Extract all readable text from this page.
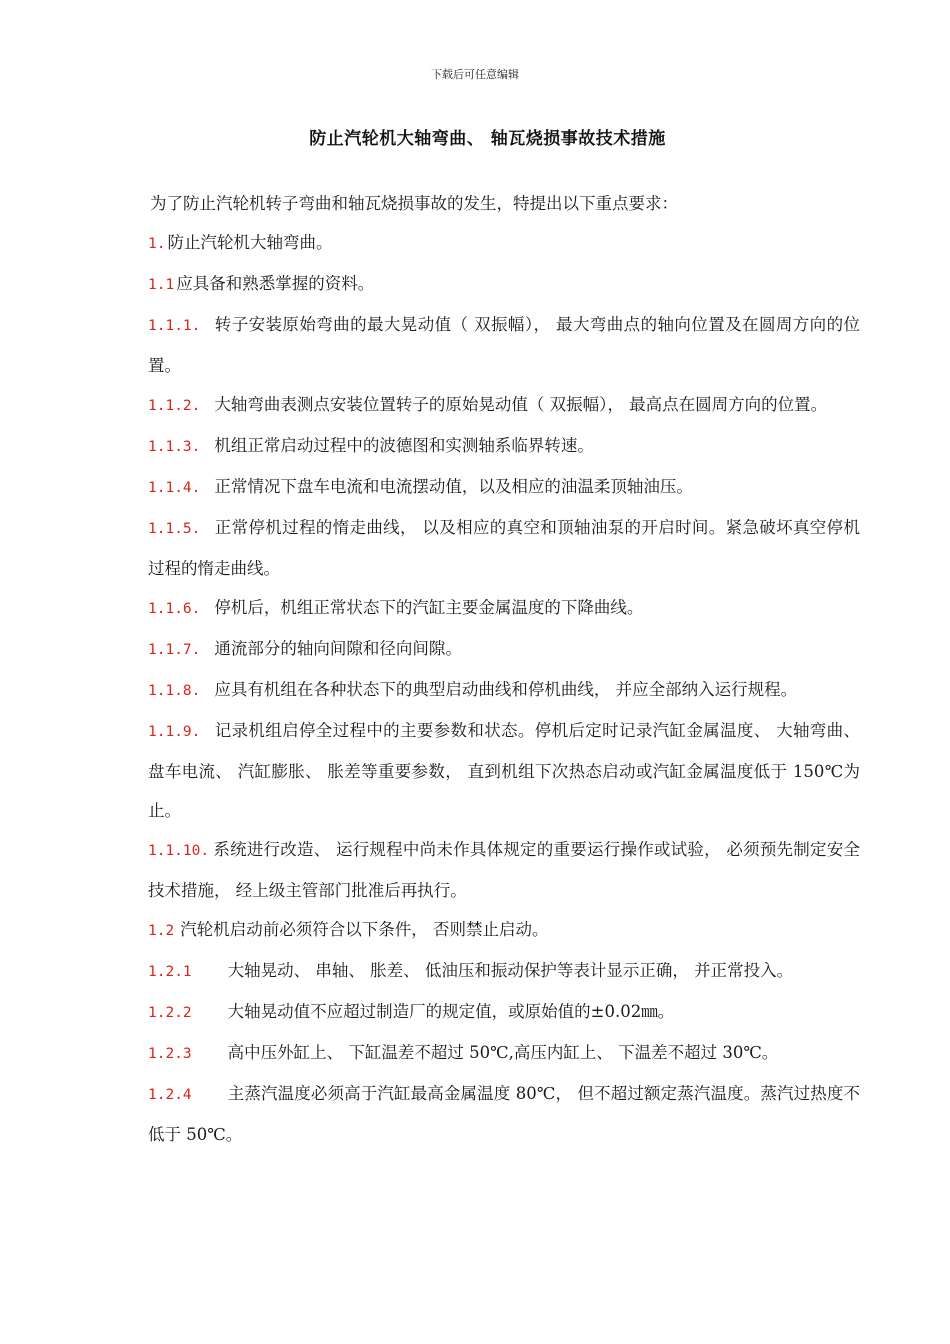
下载后可任意编辑
防止汽轮机大轴弯曲、 轴瓦烧损事故技术措施

为了防止汽轮机转子弯曲和轴瓦烧损事故的发生，特提出以下重点要求：

1. 防止汽轮机大轴弯曲。

1.1 应具备和熟悉掌握的资料。

1.1.1. 转子安装原始弯曲的最大晃动值（ 双振幅）， 最大弯曲点的轴向位置及在圆周方向的位置。

1.1.2. 大轴弯曲表测点安装位置转子的原始晃动值（ 双振幅）， 最高点在圆周方向的位置。

1.1.3. 机组正常启动过程中的波德图和实测轴系临界转速。

1.1.4. 正常情况下盘车电流和电流摆动值，以及相应的油温柔顶轴油压。

1.1.5. 正常停机过程的惰走曲线， 以及相应的真空和顶轴油泵的开启时间。紧急破坏真空停机过程的惰走曲线。

1.1.6. 停机后，机组正常状态下的汽缸主要金属温度的下降曲线。

1.1.7. 通流部分的轴向间隙和径向间隙。

1.1.8. 应具有机组在各种状态下的典型启动曲线和停机曲线， 并应全部纳入运行规程。

1.1.9. 记录机组启停全过程中的主要参数和状态。停机后定时记录汽缸金属温度、 大轴弯曲、 盘车电流、 汽缸膨胀、 胀差等重要参数， 直到机组下次热态启动或汽缸金属温度低于 150℃为止。

1.1.10. 系统进行改造、 运行规程中尚未作具体规定的重要运行操作或试验， 必须预先制定安全技术措施， 经上级主管部门批准后再执行。

1.2 汽轮机启动前必须符合以下条件， 否则禁止启动。

1.2.1 大轴晃动、 串轴、 胀差、 低油压和振动保护等表计显示正确， 并正常投入。

1.2.2 大轴晃动值不应超过制造厂的规定值，或原始值的±0.02㎜。

1.2.3 高中压外缸上、 下缸温差不超过 50℃,高压内缸上、 下温差不超过 30℃。

1.2.4 主蒸汽温度必须高于汽缸最高金属温度 80℃， 但不超过额定蒸汽温度。蒸汽过热度不低于 50℃。
